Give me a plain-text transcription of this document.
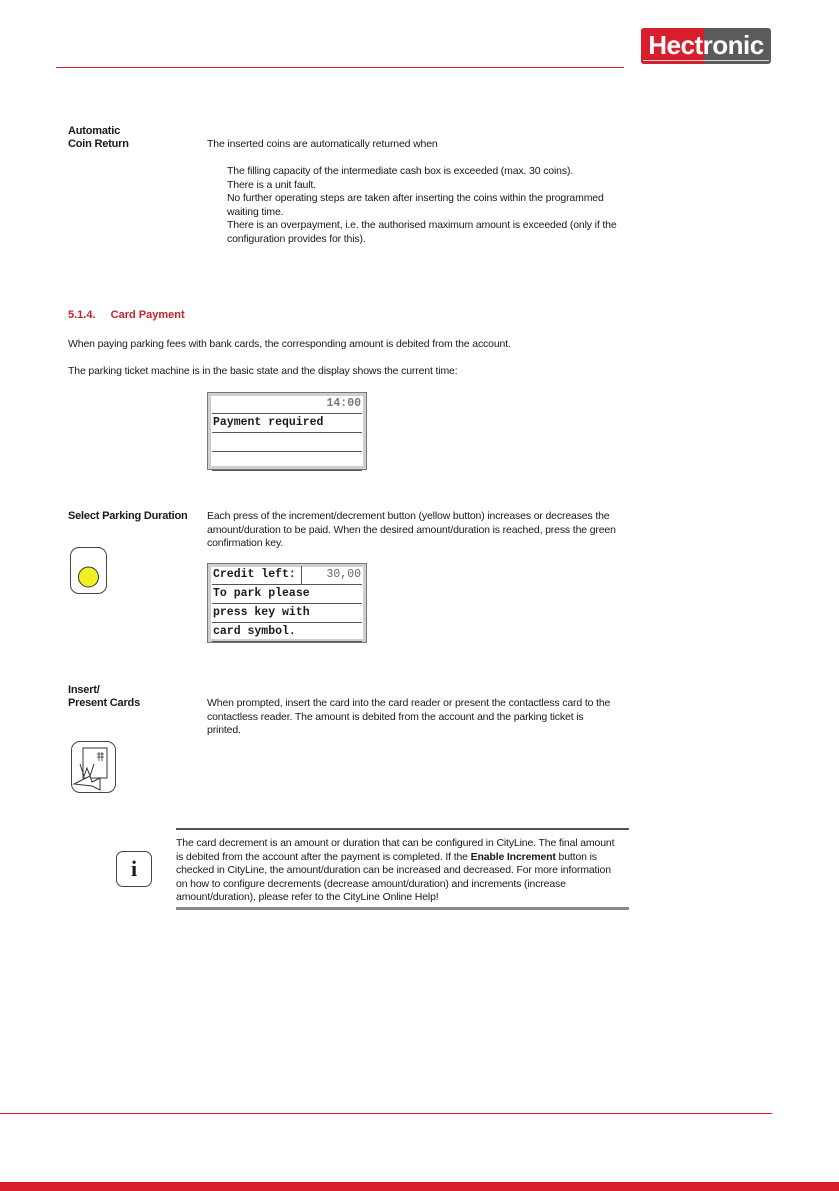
Hectronic
Automatic
Coin Return	The inserted coins are automatically returned when
The filling capacity of the intermediate cash box is exceeded (max. 30 coins).
There is a unit fault.
No further operating steps are taken after inserting the coins within the programmed
waiting time.
There is an overpayment, i.e. the authorised maximum amount is exceeded (only if the
configuration provides for this).
5.1.4. Card Payment
When paying parking fees with bank cards, the corresponding amount is debited from the account.
The parking ticket machine is in the basic state and the display shows the current time:
14:00
Payment required
Select Parking Duration Each press of the increment/decrement button (yellow button) increases or decreases the
amount/duration to be paid. When the desired amount/duration is reached, press the green
confirmation key.
Credit left:	30,00
To park please
press key with
card symbol.
Insert/
Present Cards	When prompted, insert the card into the card reader or present the contactless card to the
contactless reader. The amount is debited from the account and the parking ticket is
printed.
The card decrement is an amount or duration that can be configured in CityLine. The final amount
is debited from the account after the payment is completed. If the Enable Increment button is
checked in CityLine, the amount/duration can be increased and decreased. For more information
on how to configure decrements (decrease amount/duration) and increments (increase
amount/duration), please refer to the CityLine Online Help!
i
